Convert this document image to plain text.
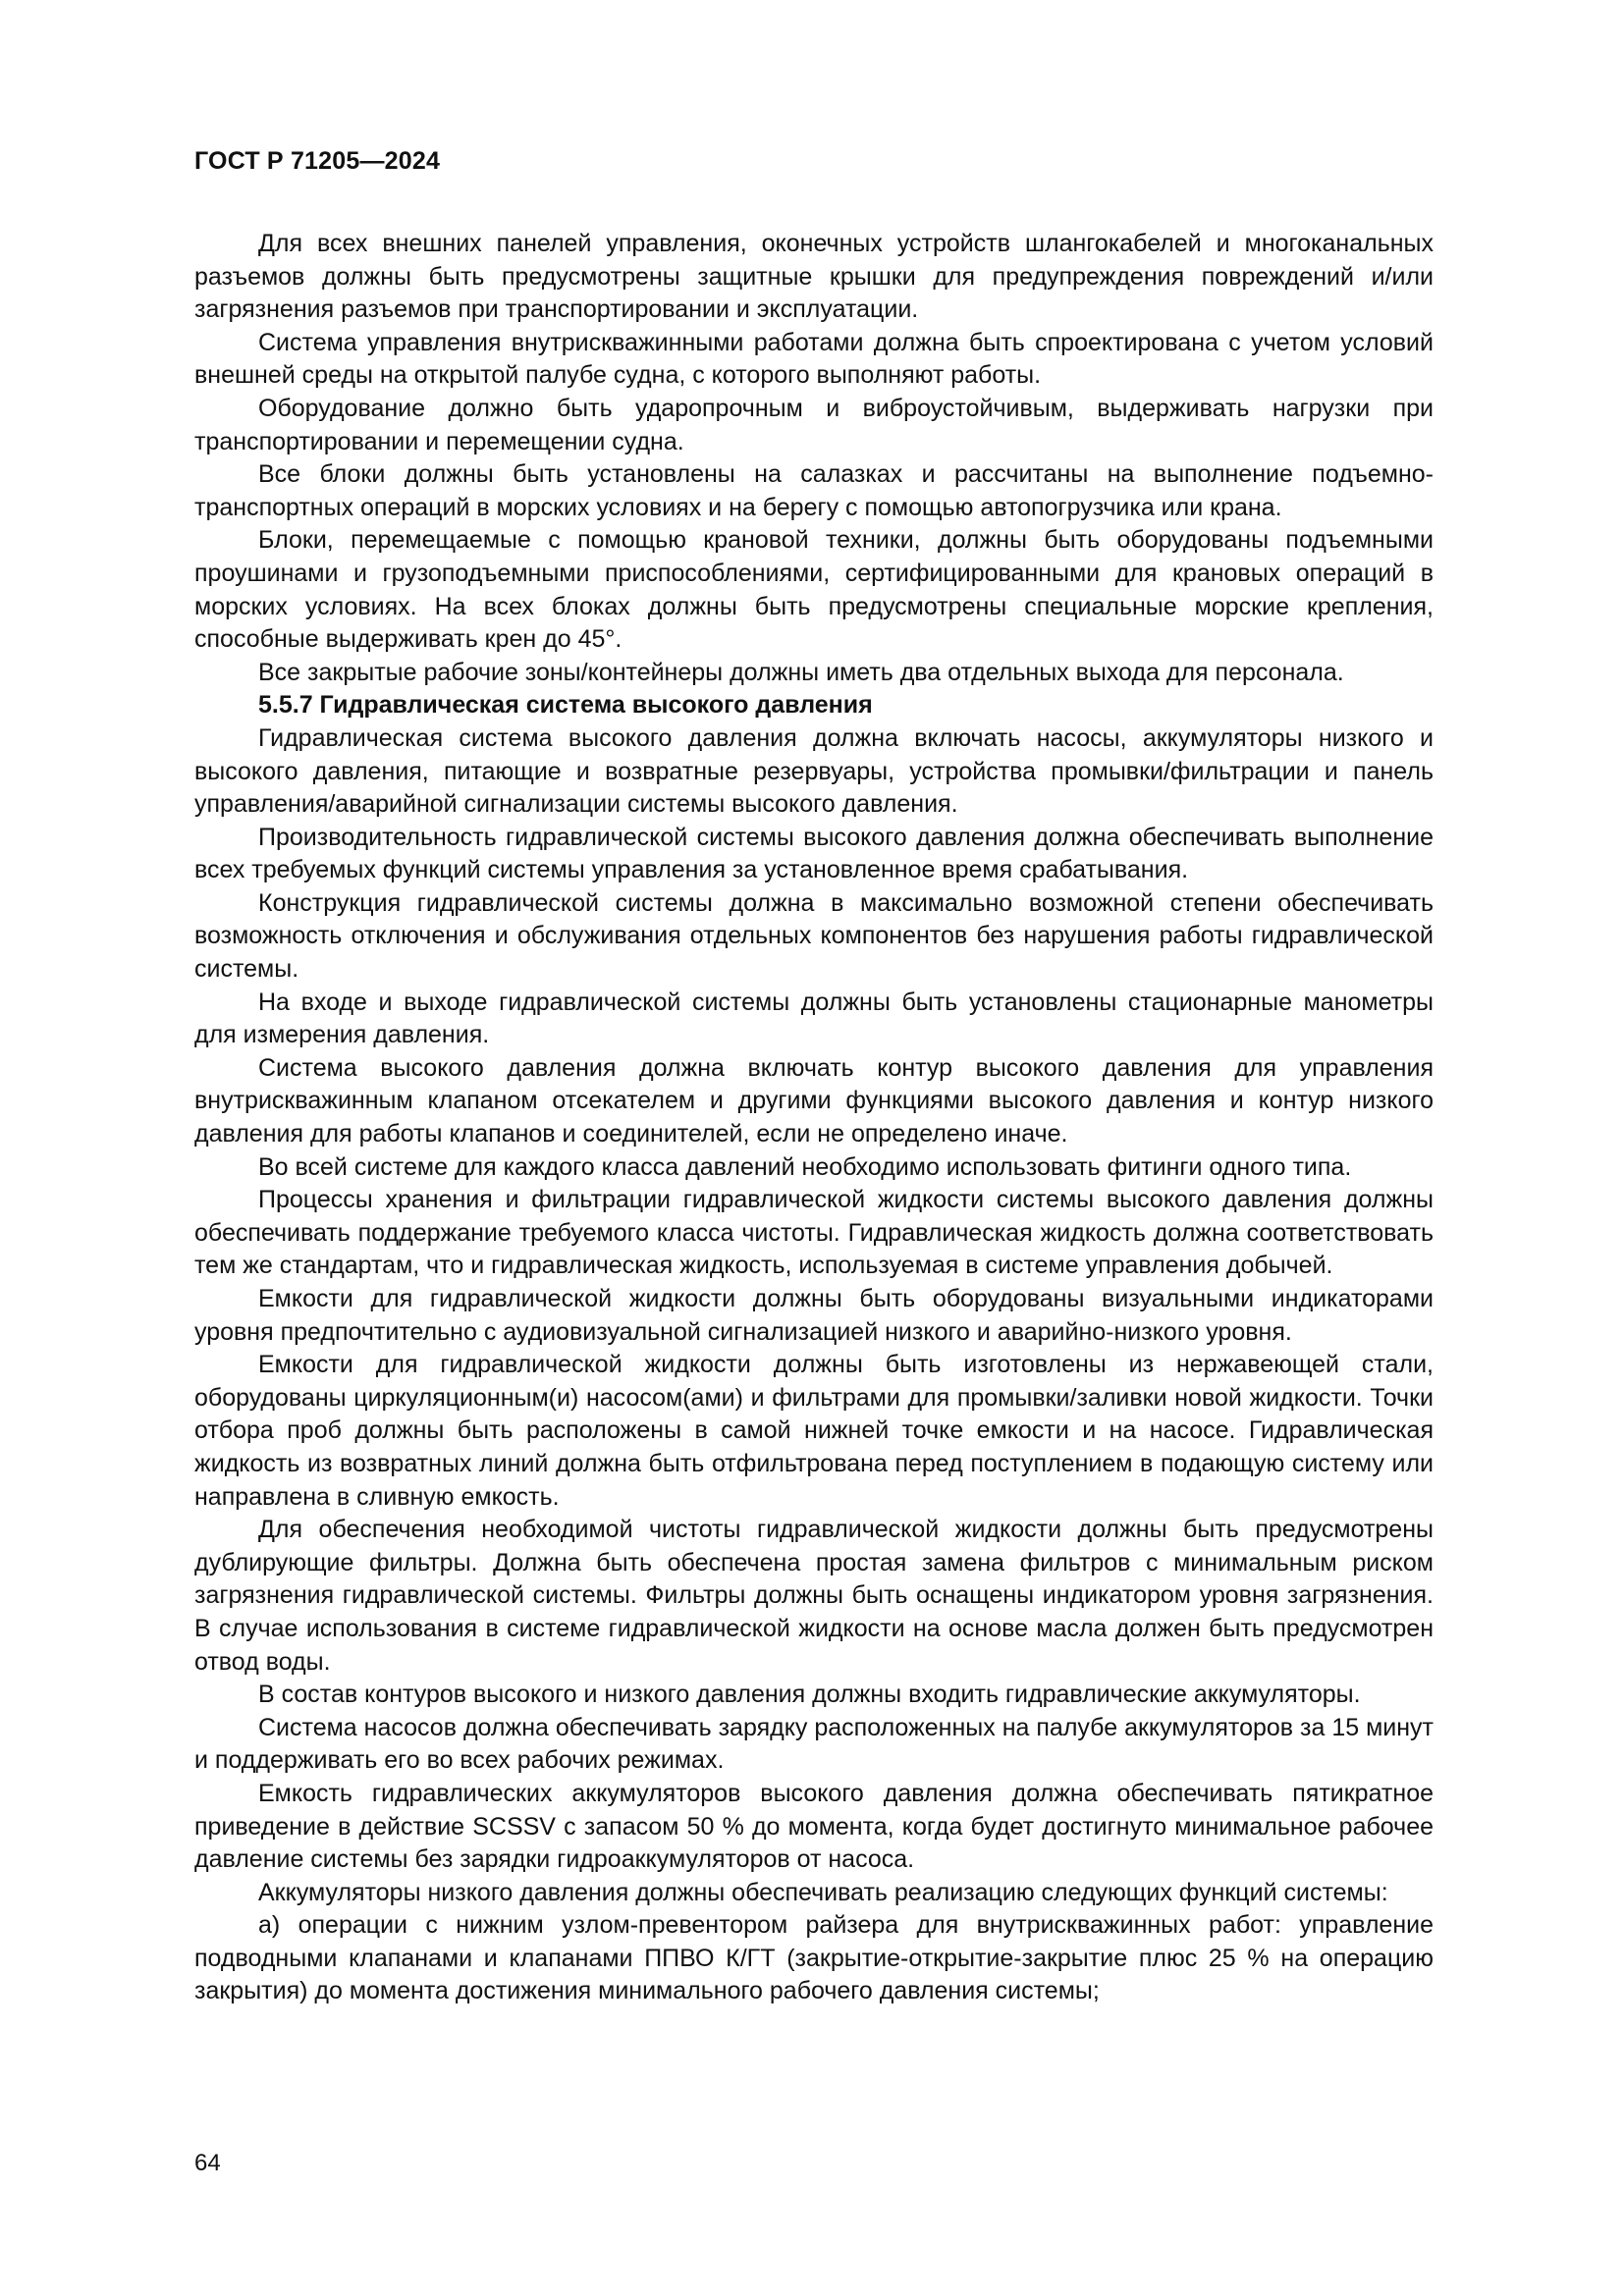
ГОСТ Р 71205—2024

Для всех внешних панелей управления, оконечных устройств шлангокабелей и многоканальных разъемов должны быть предусмотрены защитные крышки для предупреждения повреждений и/или загрязнения разъемов при транспортировании и эксплуатации.

Система управления внутрискважинными работами должна быть спроектирована с учетом условий внешней среды на открытой палубе судна, с которого выполняют работы.

Оборудование должно быть ударопрочным и виброустойчивым, выдерживать нагрузки при транспортировании и перемещении судна.

Все блоки должны быть установлены на салазках и рассчитаны на выполнение подъемно-транспортных операций в морских условиях и на берегу с помощью автопогрузчика или крана.

Блоки, перемещаемые с помощью крановой техники, должны быть оборудованы подъемными проушинами и грузоподъемными приспособлениями, сертифицированными для крановых операций в морских условиях. На всех блоках должны быть предусмотрены специальные морские крепления, способные выдерживать крен до 45°.

Все закрытые рабочие зоны/контейнеры должны иметь два отдельных выхода для персонала.

5.5.7 Гидравлическая система высокого давления

Гидравлическая система высокого давления должна включать насосы, аккумуляторы низкого и высокого давления, питающие и возвратные резервуары, устройства промывки/фильтрации и панель управления/аварийной сигнализации системы высокого давления.

Производительность гидравлической системы высокого давления должна обеспечивать выполнение всех требуемых функций системы управления за установленное время срабатывания.

Конструкция гидравлической системы должна в максимально возможной степени обеспечивать возможность отключения и обслуживания отдельных компонентов без нарушения работы гидравлической системы.

На входе и выходе гидравлической системы должны быть установлены стационарные манометры для измерения давления.

Система высокого давления должна включать контур высокого давления для управления внутрискважинным клапаном отсекателем и другими функциями высокого давления и контур низкого давления для работы клапанов и соединителей, если не определено иначе.

Во всей системе для каждого класса давлений необходимо использовать фитинги одного типа.

Процессы хранения и фильтрации гидравлической жидкости системы высокого давления должны обеспечивать поддержание требуемого класса чистоты. Гидравлическая жидкость должна соответствовать тем же стандартам, что и гидравлическая жидкость, используемая в системе управления добычей.

Емкости для гидравлической жидкости должны быть оборудованы визуальными индикаторами уровня предпочтительно с аудиовизуальной сигнализацией низкого и аварийно-низкого уровня.

Емкости для гидравлической жидкости должны быть изготовлены из нержавеющей стали, оборудованы циркуляционным(и) насосом(ами) и фильтрами для промывки/заливки новой жидкости. Точки отбора проб должны быть расположены в самой нижней точке емкости и на насосе. Гидравлическая жидкость из возвратных линий должна быть отфильтрована перед поступлением в подающую систему или направлена в сливную емкость.

Для обеспечения необходимой чистоты гидравлической жидкости должны быть предусмотрены дублирующие фильтры. Должна быть обеспечена простая замена фильтров с минимальным риском загрязнения гидравлической системы. Фильтры должны быть оснащены индикатором уровня загрязнения. В случае использования в системе гидравлической жидкости на основе масла должен быть предусмотрен отвод воды.

В состав контуров высокого и низкого давления должны входить гидравлические аккумуляторы.

Система насосов должна обеспечивать зарядку расположенных на палубе аккумуляторов за 15 минут и поддерживать его во всех рабочих режимах.

Емкость гидравлических аккумуляторов высокого давления должна обеспечивать пятикратное приведение в действие SCSSV с запасом 50 % до момента, когда будет достигнуто минимальное рабочее давление системы без зарядки гидроаккумуляторов от насоса.

Аккумуляторы низкого давления должны обеспечивать реализацию следующих функций системы:

а) операции с нижним узлом-превентором райзера для внутрискважинных работ: управление подводными клапанами и клапанами ППВО К/ГТ (закрытие-открытие-закрытие плюс 25 % на операцию закрытия) до момента достижения минимального рабочего давления системы;

64
